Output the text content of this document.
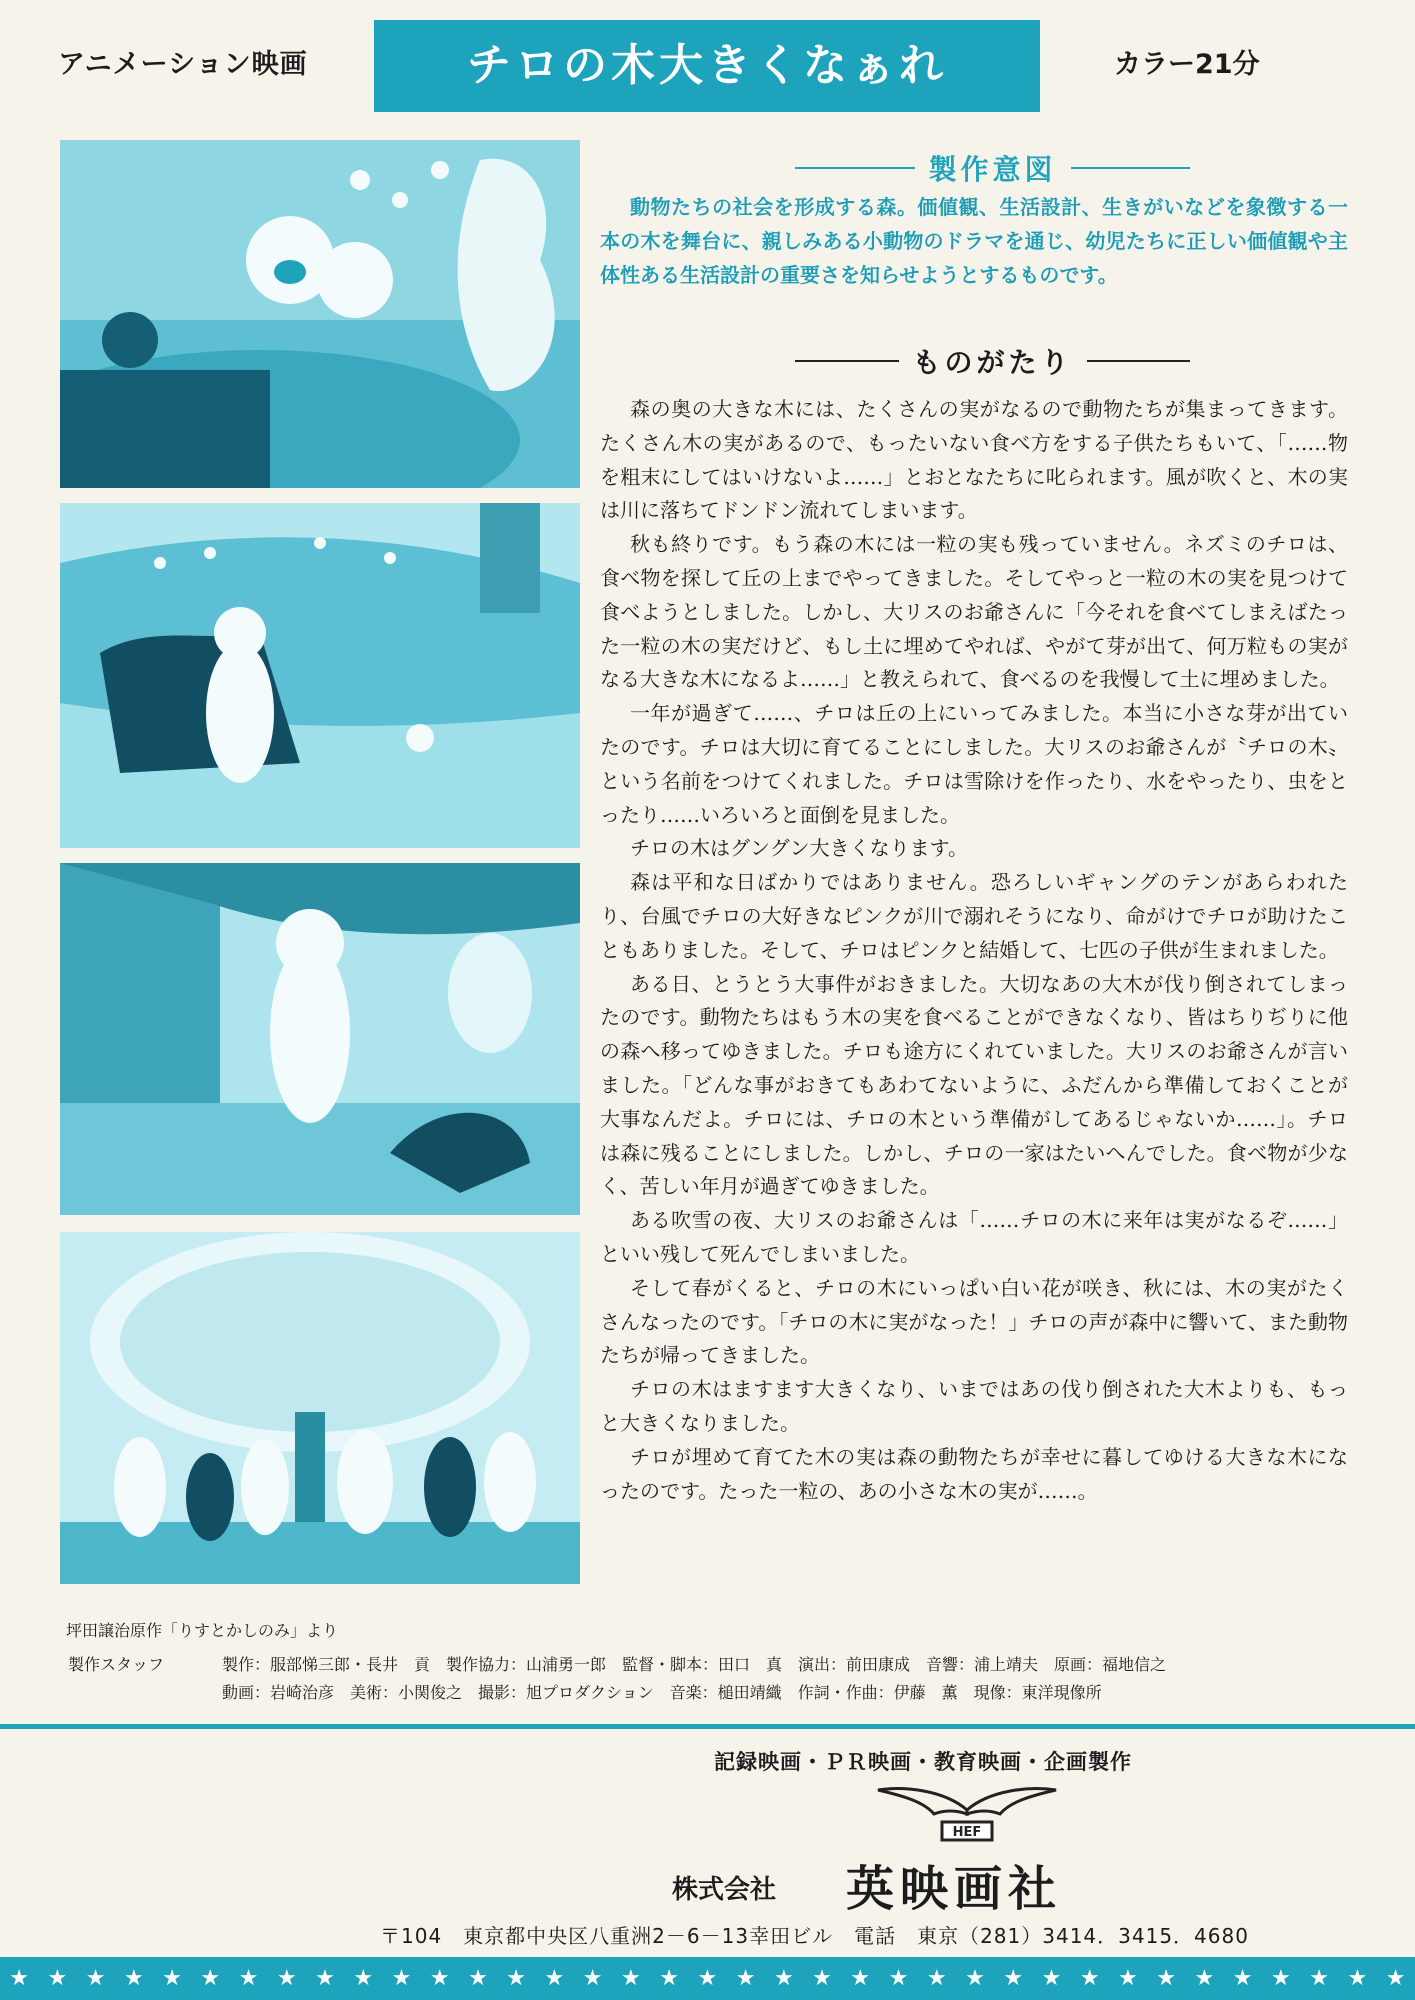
アニメーション映画	チロの木大きくなぁれ	カラー21分
製作意図

動物たちの社会を形成する森。価値観、生活設計、生きがいなどを象徴する一本の木を舞台に、親しみある小動物のドラマを通じ、幼児たちに正しい価値観や主体性ある生活設計の重要さを知らせようとするものです。

ものがたり

森の奥の大きな木には、たくさんの実がなるので動物たちが集まってきます。たくさん木の実があるので、もったいない食べ方をする子供たちもいて、「……物を粗末にしてはいけないよ……」とおとなたちに叱られます。風が吹くと、木の実は川に落ちてドンドン流れてしまいます。

秋も終りです。もう森の木には一粒の実も残っていません。ネズミのチロは、食べ物を探して丘の上までやってきました。そしてやっと一粒の木の実を見つけて食べようとしました。しかし、大リスのお爺さんに「今それを食べてしまえばたった一粒の木の実だけど、もし土に埋めてやれば、やがて芽が出て、何万粒もの実がなる大きな木になるよ……」と教えられて、食べるのを我慢して土に埋めました。

一年が過ぎて……、チロは丘の上にいってみました。本当に小さな芽が出ていたのです。チロは大切に育てることにしました。大リスのお爺さんが〝チロの木〟という名前をつけてくれました。チロは雪除けを作ったり、水をやったり、虫をとったり……いろいろと面倒を見ました。

チロの木はグングン大きくなります。

森は平和な日ばかりではありません。恐ろしいギャングのテンがあらわれたり、台風でチロの大好きなピンクが川で溺れそうになり、命がけでチロが助けたこともありました。そして、チロはピンクと結婚して、七匹の子供が生まれました。

ある日、とうとう大事件がおきました。大切なあの大木が伐り倒されてしまったのです。動物たちはもう木の実を食べることができなくなり、皆はちりぢりに他の森へ移ってゆきました。チロも途方にくれていました。大リスのお爺さんが言いました。「どんな事がおきてもあわてないように、ふだんから準備しておくことが大事なんだよ。チロには、チロの木という準備がしてあるじゃないか……」。チロは森に残ることにしました。しかし、チロの一家はたいへんでした。食べ物が少なく、苦しい年月が過ぎてゆきました。

ある吹雪の夜、大リスのお爺さんは「……チロの木に来年は実がなるぞ……」といい残して死んでしまいました。

そして春がくると、チロの木にいっぱい白い花が咲き、秋には、木の実がたくさんなったのです。「チロの木に実がなった！」チロの声が森中に響いて、また動物たちが帰ってきました。

チロの木はますます大きくなり、いまではあの伐り倒された大木よりも、もっと大きくなりました。

チロが埋めて育てた木の実は森の動物たちが幸せに暮してゆける大きな木になったのです。たった一粒の、あの小さな木の実が……。

坪田譲治原作「りすとかしのみ」より
製作スタッフ	製作：服部悌三郎・長井　貢　製作協力：山浦勇一郎　監督・脚本：田口　真　演出：前田康成　音響：浦上靖夫　原画：福地信之
動画：岩崎治彦　美術：小関俊之　撮影：旭プロダクション　音楽：槌田靖織　作詞・作曲：伊藤　薫　現像：東洋現像所
記録映画・ＰＲ映画・教育映画・企画製作
HEF
株式会社 英映画社
〒104　東京都中央区八重洲2－6－13幸田ビル　電話　東京（281）3414．3415．4680
★ ★ ★ ★ ★ ★ ★ ★ ★ ★ ★ ★ ★ ★ ★ ★ ★ ★ ★ ★ ★ ★ ★ ★ ★ ★ ★ ★ ★ ★ ★ ★ ★ ★ ★ ★ ★
